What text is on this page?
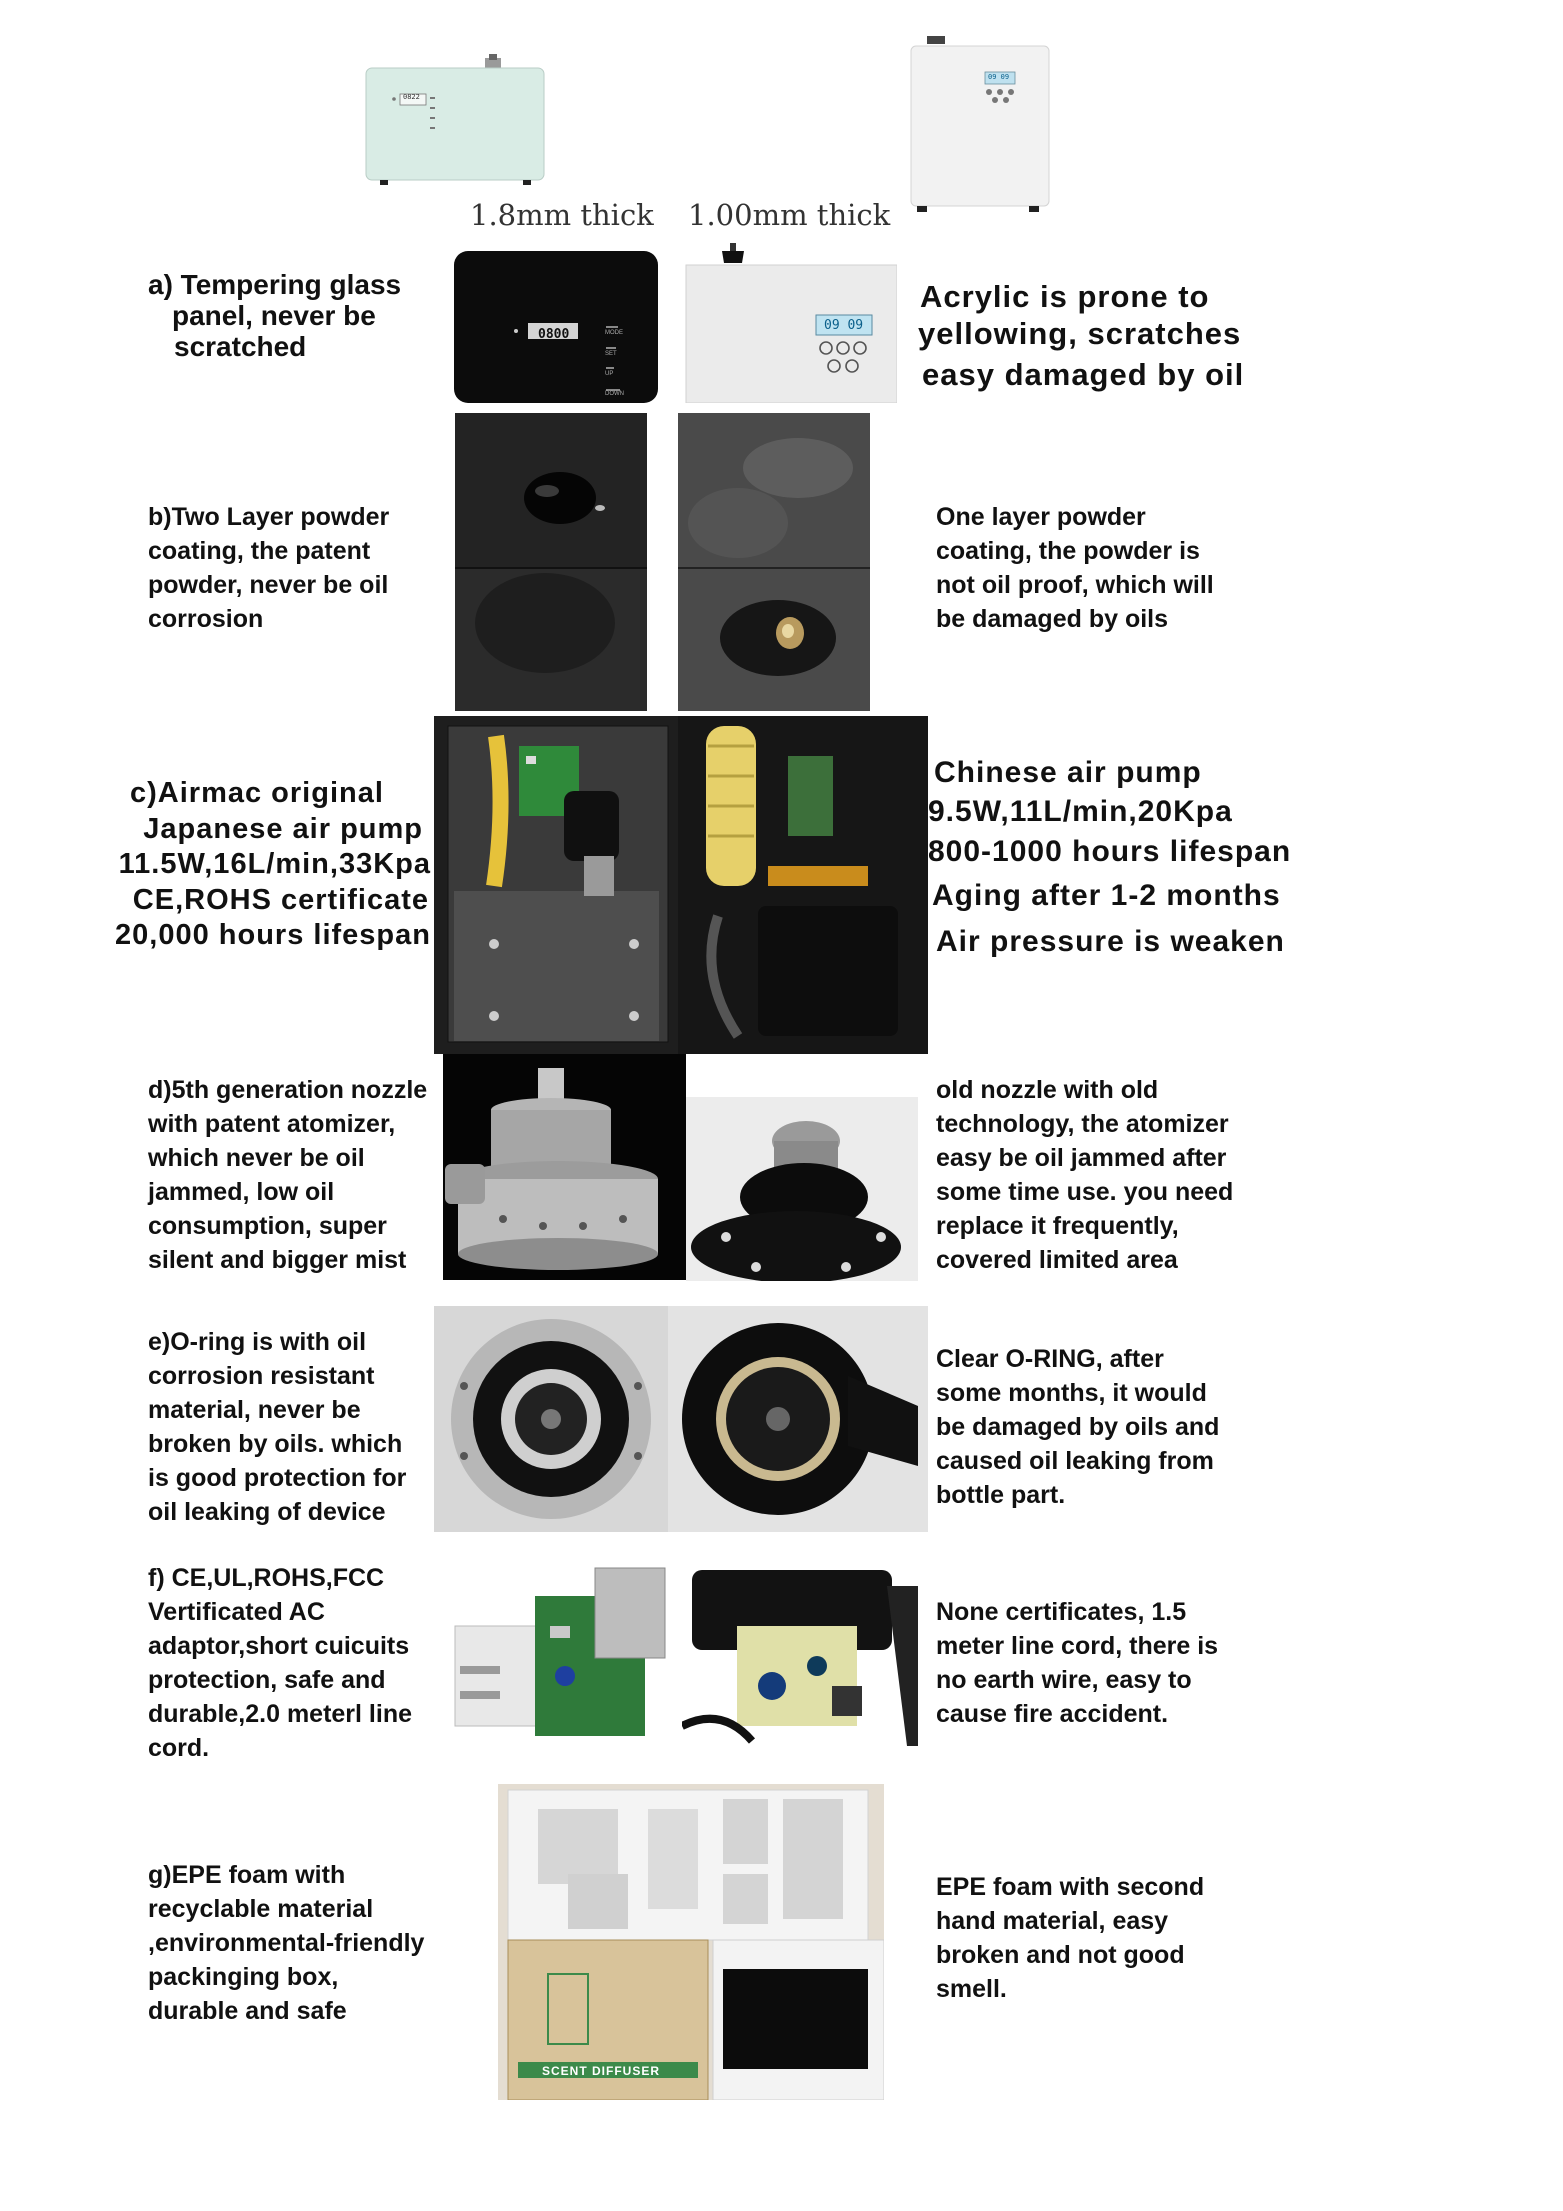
0822
09 09
1.8mm thick 1.00mm thick
a) Tempering glass
panel, never be
scratched	0800	MODE
SET
UP
DOWN
09 09
Acrylic is prone to
yellowing, scratches
easy damaged by oil
b)Two Layer powder
coating, the patent
powder, never be oil
corrosion
One layer powder
coating, the powder is
not oil proof, which will
be damaged by oils
c)Airmac original
Japanese air pump
11.5W,16L/min,33Kpa
CE,ROHS certificate
20,000 hours lifespan
Chinese air pump
9.5W,11L/min,20Kpa
800-1000 hours lifespan
Aging after 1-2 months
Air pressure is weaken
d)5th generation nozzle
with patent atomizer,
which never be oil
jammed, low oil
consumption, super
silent and bigger mist
old nozzle with old
technology, the atomizer
easy be oil jammed after
some time use. you need
replace it frequently,
covered limited area
e)O-ring is with oil
corrosion resistant
material, never be
broken by oils. which
is good protection for
oil leaking of device
Clear O-RING, after
some months, it would
be damaged by oils and
caused oil leaking from
bottle part.
f) CE,UL,ROHS,FCC
Vertificated AC
adaptor,short cuicuits
protection, safe and
durable,2.0 meterl line
cord.
None certificates, 1.5
meter line cord, there is
no earth wire, easy to
cause fire accident.
g)EPE foam with
recyclable material
,environmental-friendly
packinging box,
durable and safe
SCENT DIFFUSER
EPE foam with second
hand material, easy
broken and not good
smell.
